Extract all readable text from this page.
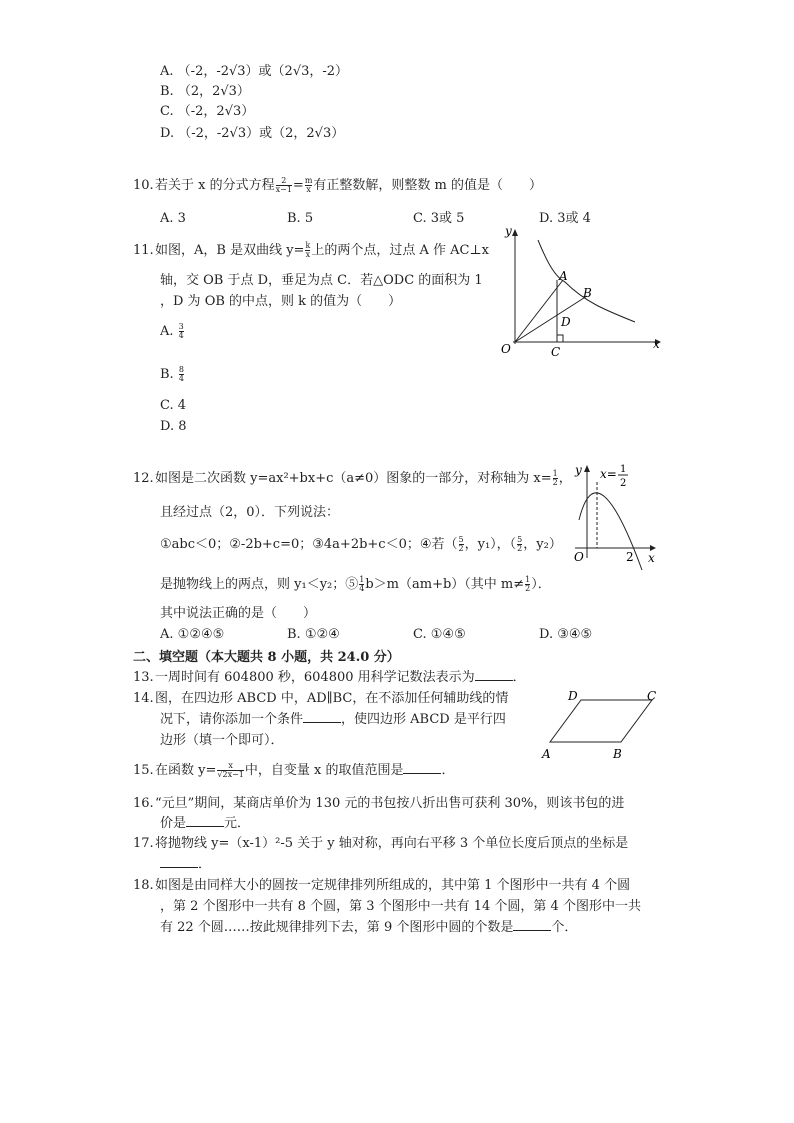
A. （-2，-2√3）或（2√3，-2）
B. （2，2√3）
C. （-2，2√3）
D. （-2，-2√3）或（2，2√3）
10.若关于 x 的分式方程 $\frac{2}{x-1} = \frac{m}{x}$ 有正整数解，则整数 m 的值是（　　）
A. 3	B. 5	C. 3或 5	D. 3或 4
11.如图，A，B 是双曲线 $y= \frac{k}{x}$ 上的两个点，过点 A 作 AC⊥x
轴，交 OB 于点 D，垂足为点 C．若△ODC 的面积为 1
，D 为 OB 的中点，则 k 的值为（　　）
A. $\frac{3}{4}$
B. $\frac{8}{4}$
C. 4
D. 8
y
x
O
A
B
C
D
12.如图是二次函数 y=ax²+bx+c（a≠0）图象的一部分，对称轴为 $x= \frac{1}{2}$ ，
且经过点（2，0）．下列说法：
①abc＜0；②-2b+c=0；③4a+2b+c＜0；④若（ $\frac{5}{2}$ ，y₁），（ $\frac{5}{2}$ ，y₂）
是抛物线上的两点，则 y₁＜y₂；⑤ $\frac{1}{4} b>m(am+b)$（其中 $m\ne \frac{1}{2}$ ）．
其中说法正确的是（　　）
A. ①②④⑤	B. ①②④	C. ①④⑤	D. ③④⑤
y
x
O	2
x= 1
2
二、填空题（本大题共 8 小题，共 24.0 分）
13.一周时间有 604800 秒，604800 用科学记数法表示为	．
14.图，在四边形 ABCD 中，AD∥BC，在不添加任何辅助线的情
况下，请你添加一个条件	，使四边形 ABCD 是平行四
边形（填一个即可）．
A	B
C
D
15.在函数 $y= \frac{x}{√2x-1}$ 中，自变量 x 的取值范围是	．
16.“元旦”期间，某商店单价为 130 元的书包按八折出售可获利 30%，则该书包的进
价是	元．
17.将抛物线 y=（x-1）²-5 关于 y 轴对称，再向右平移 3 个单位长度后顶点的坐标是
．
18.如图是由同样大小的圆按一定规律排列所组成的，其中第 1 个图形中一共有 4 个圆
，第 2 个图形中一共有 8 个圆，第 3 个图形中一共有 14 个圆，第 4 个图形中一共
有 22 个圆……按此规律排列下去，第 9 个图形中圆的个数是	个．
